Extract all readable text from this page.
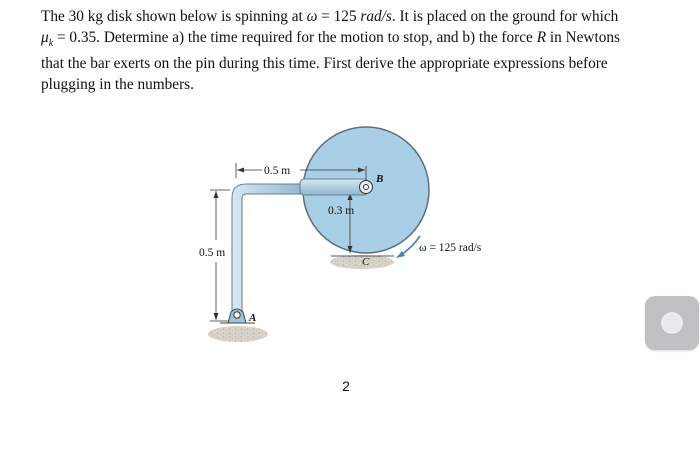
The 30 kg disk shown below is spinning at ω = 125 rad/s. It is placed on the ground for which
$\mu_k = 0.35$. Determine a) the time required for the motion to stop, and b) the force R in Newtons
that the bar exerts on the pin during this time. First derive the appropriate expressions before
plugging in the numbers.
0.5 m
0.3 m
0.5 m
B
A
C
ω = 125 rad/s
2
